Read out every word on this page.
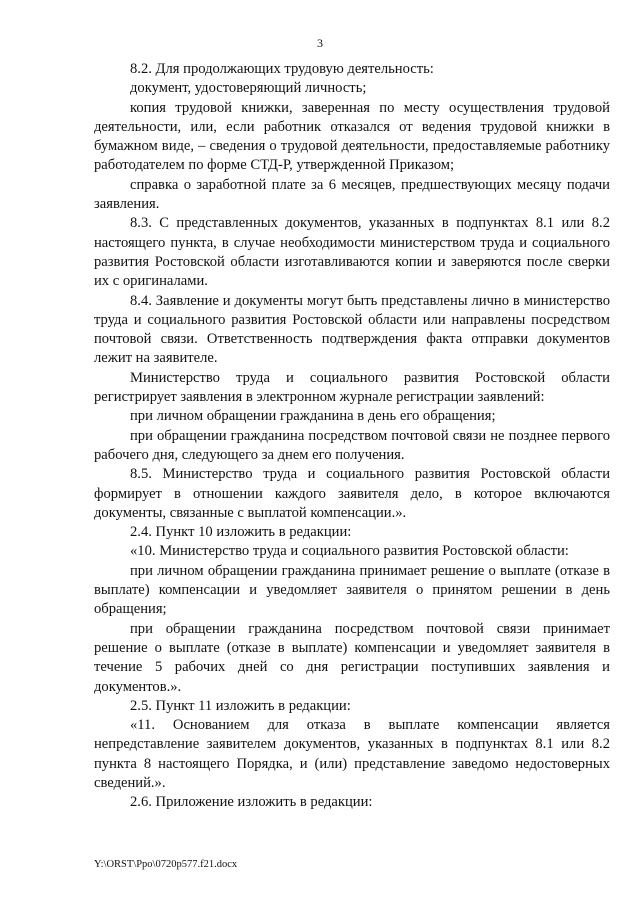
3

8.2. Для продолжающих трудовую деятельность:

документ, удостоверяющий личность;

копия трудовой книжки, заверенная по месту осуществления трудовой деятельности, или, если работник отказался от ведения трудовой книжки в бумажном виде, – сведения о трудовой деятельности, предоставляемые работнику работодателем по форме СТД-Р, утвержденной Приказом;

справка о заработной плате за 6 месяцев, предшествующих месяцу подачи заявления.

8.3. С представленных документов, указанных в подпунктах 8.1 или 8.2 настоящего пункта, в случае необходимости министерством труда и социального развития Ростовской области изготавливаются копии и заверяются после сверки их с оригиналами.

8.4. Заявление и документы могут быть представлены лично в министерство труда и социального развития Ростовской области или направлены посредством почтовой связи. Ответственность подтверждения факта отправки документов лежит на заявителе.

Министерство труда и социального развития Ростовской области регистрирует заявления в электронном журнале регистрации заявлений:

при личном обращении гражданина в день его обращения;

при обращении гражданина посредством почтовой связи не позднее первого рабочего дня, следующего за днем его получения.

8.5. Министерство труда и социального развития Ростовской области формирует в отношении каждого заявителя дело, в которое включаются документы, связанные с выплатой компенсации.».

2.4. Пункт 10 изложить в редакции:

«10. Министерство труда и социального развития Ростовской области:

при личном обращении гражданина принимает решение о выплате (отказе в выплате) компенсации и уведомляет заявителя о принятом решении в день обращения;

при обращении гражданина посредством почтовой связи принимает решение о выплате (отказе в выплате) компенсации и уведомляет заявителя в течение 5 рабочих дней со дня регистрации поступивших заявления и документов.».

2.5. Пункт 11 изложить в редакции:

«11. Основанием для отказа в выплате компенсации является непредставление заявителем документов, указанных в подпунктах 8.1 или 8.2 пункта 8 настоящего Порядка, и (или) представление заведомо недостоверных сведений.».

2.6. Приложение изложить в редакции:

Y:\ORST\Ppo\0720p577.f21.docx
